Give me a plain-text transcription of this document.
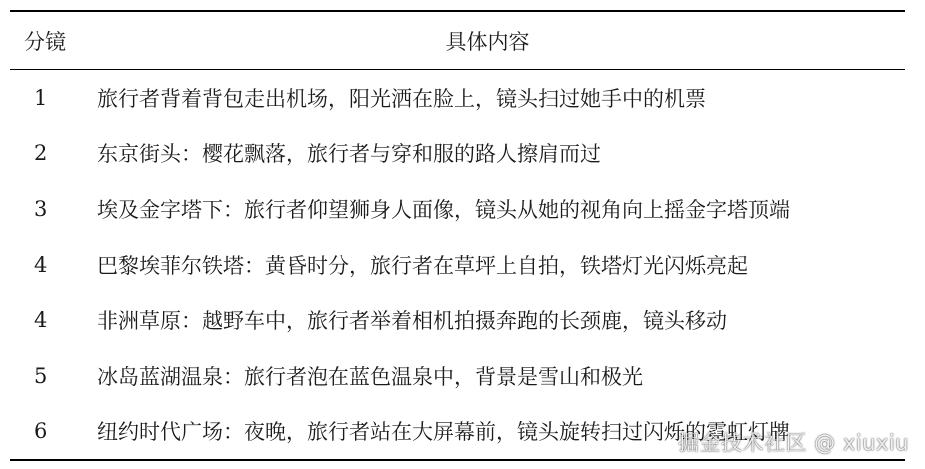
分镜	具体内容
1	旅行者背着背包走出机场，阳光洒在脸上，镜头扫过她手中的机票
2	东京街头：樱花飘落，旅行者与穿和服的路人擦肩而过
3	埃及金字塔下：旅行者仰望狮身人面像，镜头从她的视角向上摇金字塔顶端
4	巴黎埃菲尔铁塔：黄昏时分，旅行者在草坪上自拍，铁塔灯光闪烁亮起
4	非洲草原：越野车中，旅行者举着相机拍摄奔跑的长颈鹿，镜头移动
5	冰岛蓝湖温泉：旅行者泡在蓝色温泉中，背景是雪山和极光
6	纽约时代广场：夜晚，旅行者站在大屏幕前，镜头旋转扫过闪烁的霓虹灯牌
掘金技术社区 @ xiuxiu
